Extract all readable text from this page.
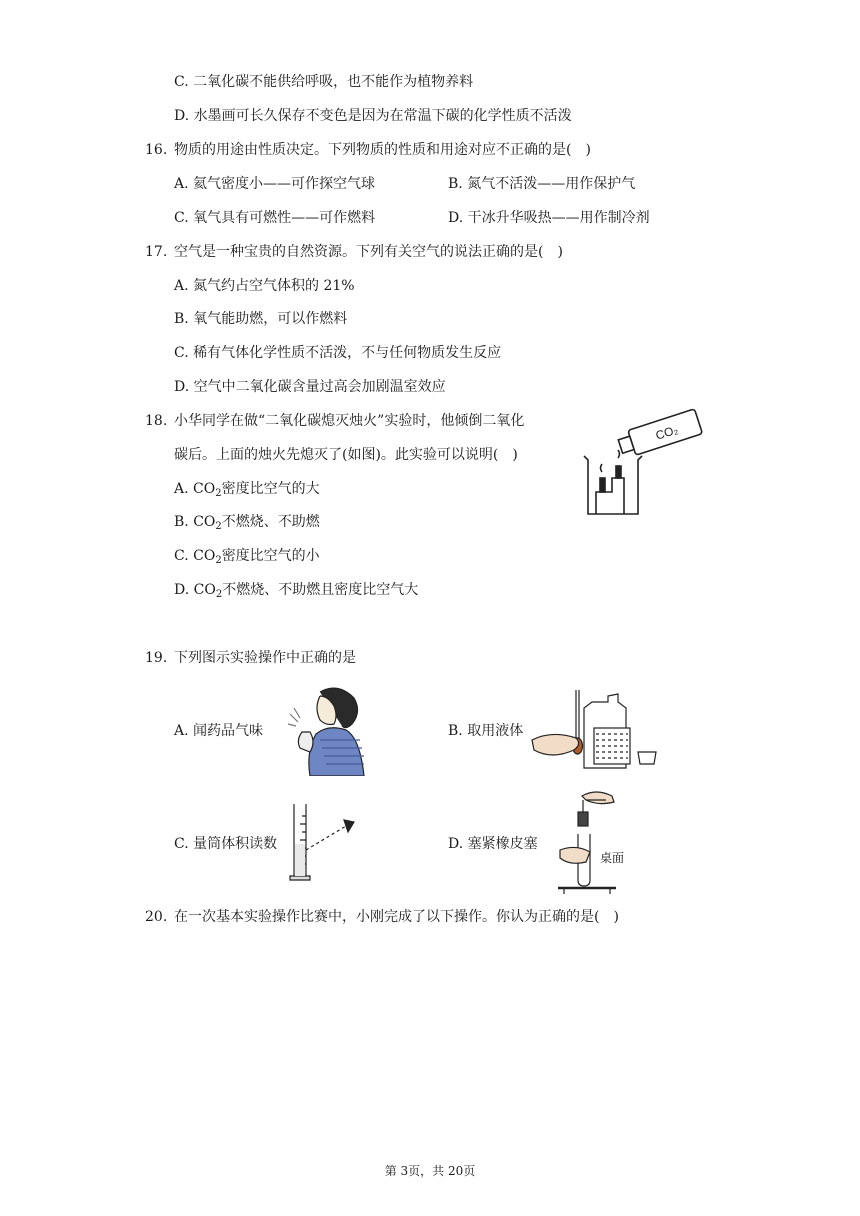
C. 二氧化碳不能供给呼吸，也不能作为植物养料
D. 水墨画可长久保存不变色是因为在常温下碳的化学性质不活泼
16. 物质的用途由性质决定。下列物质的性质和用途对应不正确的是(　)
A. 氦气密度小——可作探空气球	B. 氮气不活泼——用作保护气
C. 氧气具有可燃性——可作燃料	D. 干冰升华吸热——用作制冷剂
17. 空气是一种宝贵的自然资源。下列有关空气的说法正确的是(　)
A. 氮气约占空气体积的 21%
B. 氧气能助燃，可以作燃料
C. 稀有气体化学性质不活泼，不与任何物质发生反应
D. 空气中二氧化碳含量过高会加剧温室效应
18. 小华同学在做“二氧化碳熄灭烛火”实验时，他倾倒二氧化
碳后。上面的烛火先熄灭了(如图)。此实验可以说明(　)
A. $CO_2$密度比空气的大
B. $CO_2$不燃烧、不助燃
C. $CO_2$密度比空气的小
D. $CO_2$不燃烧、不助燃且密度比空气大
CO₂
19. 下列图示实验操作中正确的是
A. 闻药品气味	B. 取用液体
C. 量筒体积读数	D. 塞紧橡皮塞
桌面
20. 在一次基本实验操作比赛中，小刚完成了以下操作。你认为正确的是(　)
第 3页，共 20页
